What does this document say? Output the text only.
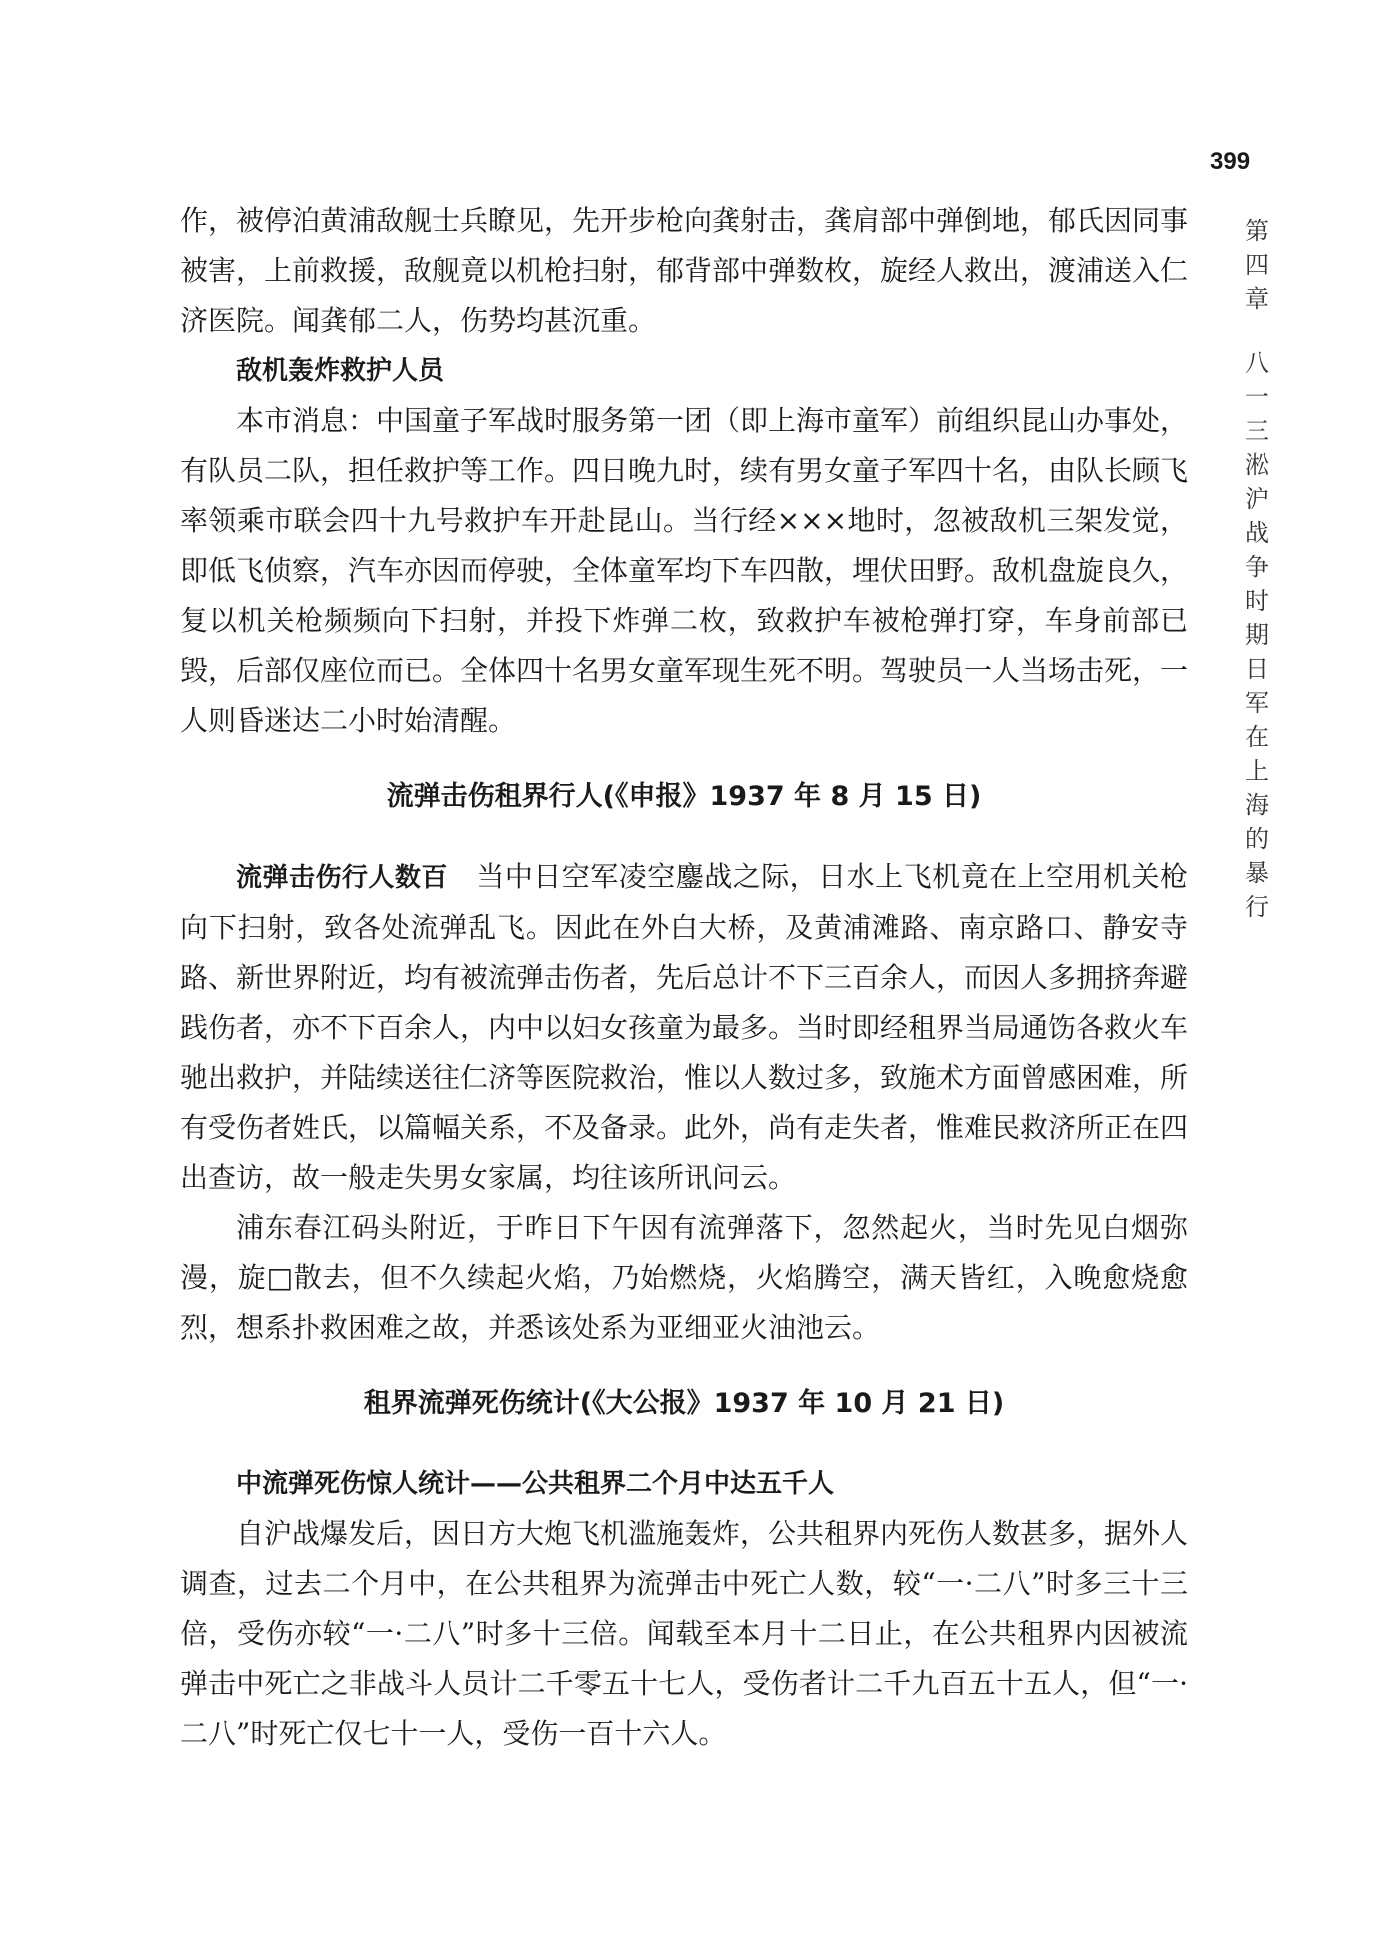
399
第四章
八一三淞沪战争时期日军在上海的暴行

作，被停泊黄浦敌舰士兵瞭见，先开步枪向龚射击，龚肩部中弹倒地，郁氏因同事被害，上前救援，敌舰竟以机枪扫射，郁背部中弹数枚，旋经人救出，渡浦送入仁济医院。闻龚郁二人，伤势均甚沉重。

敌机轰炸救护人员

本市消息：中国童子军战时服务第一团（即上海市童军）前组织昆山办事处，有队员二队，担任救护等工作。四日晚九时，续有男女童子军四十名，由队长顾飞率领乘市联会四十九号救护车开赴昆山。当行经×××地时，忽被敌机三架发觉，即低飞侦察，汽车亦因而停驶，全体童军均下车四散，埋伏田野。敌机盘旋良久，复以机关枪频频向下扫射，并投下炸弹二枚，致救护车被枪弹打穿，车身前部已毁，后部仅座位而已。全体四十名男女童军现生死不明。驾驶员一人当场击死，一人则昏迷达二小时始清醒。

流弹击伤租界行人(《申报》1937 年 8 月 15 日)

流弹击伤行人数百 当中日空军凌空鏖战之际，日水上飞机竟在上空用机关枪向下扫射，致各处流弹乱飞。因此在外白大桥，及黄浦滩路、南京路口、静安寺路、新世界附近，均有被流弹击伤者，先后总计不下三百余人，而因人多拥挤奔避践伤者，亦不下百余人，内中以妇女孩童为最多。当时即经租界当局通饬各救火车驰出救护，并陆续送往仁济等医院救治，惟以人数过多，致施术方面曾感困难，所有受伤者姓氏，以篇幅关系，不及备录。此外，尚有走失者，惟难民救济所正在四出查访，故一般走失男女家属，均往该所讯问云。

浦东春江码头附近，于昨日下午因有流弹落下，忽然起火，当时先见白烟弥漫，旋□散去，但不久续起火焰，乃始燃烧，火焰腾空，满天皆红，入晚愈烧愈烈，想系扑救困难之故，并悉该处系为亚细亚火油池云。

租界流弹死伤统计(《大公报》1937 年 10 月 21 日)
中流弹死伤惊人统计——公共租界二个月中达五千人

自沪战爆发后，因日方大炮飞机滥施轰炸，公共租界内死伤人数甚多，据外人调查，过去二个月中，在公共租界为流弹击中死亡人数，较“一·二八”时多三十三倍，受伤亦较“一·二八”时多十三倍。闻载至本月十二日止，在公共租界内因被流弹击中死亡之非战斗人员计二千零五十七人，受伤者计二千九百五十五人，但“一·二八”时死亡仅七十一人，受伤一百十六人。
